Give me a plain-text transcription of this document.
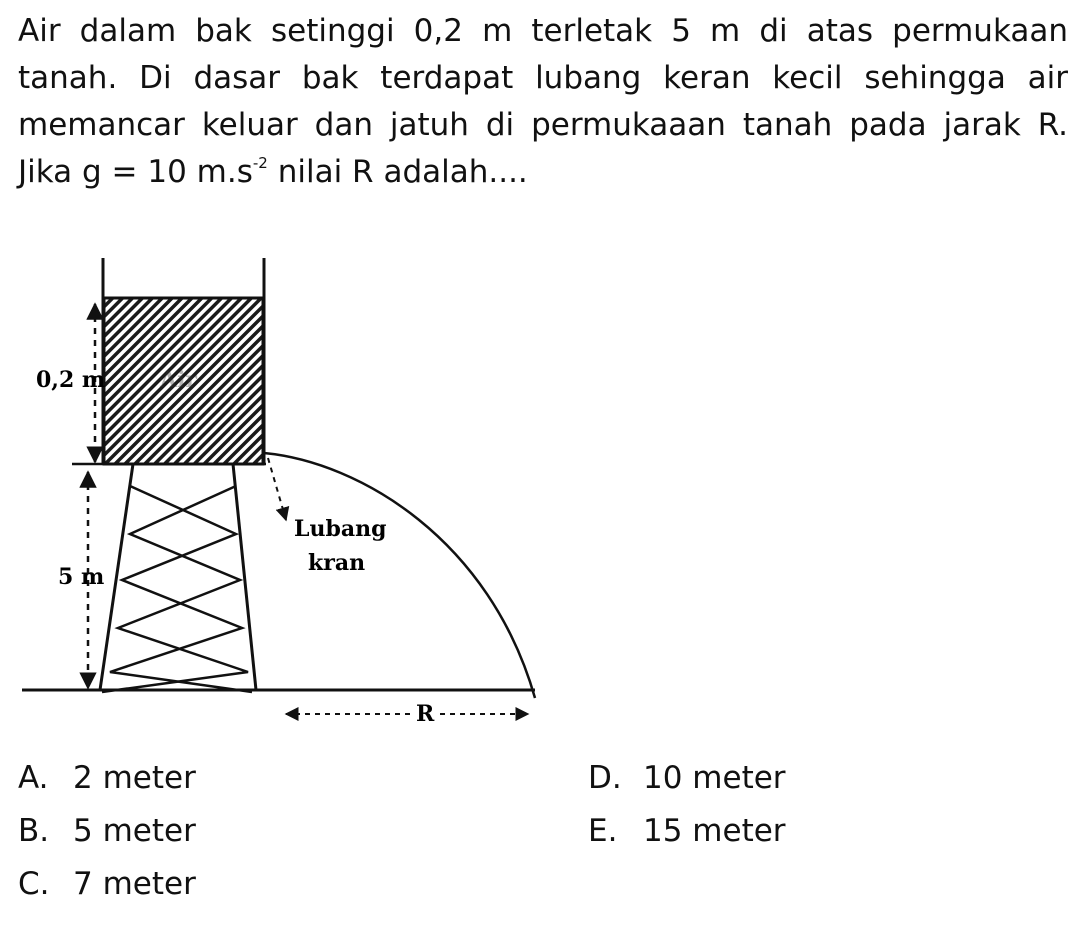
Air dalam bak setinggi 0,2 m terletak 5 m di atas permukaan tanah. Di dasar bak terdapat lubang keran kecil sehingga air memancar keluar dan jatuh di permukaaan tanah pada jarak R. Jika g = 10 $m.s^{-2}$ nilai R adalah....

0,2 m Air
5 m
Lubang
kran
R
A. 2 meter
B. 5 meter
C. 7 meter
D. 10 meter
E. 15 meter
